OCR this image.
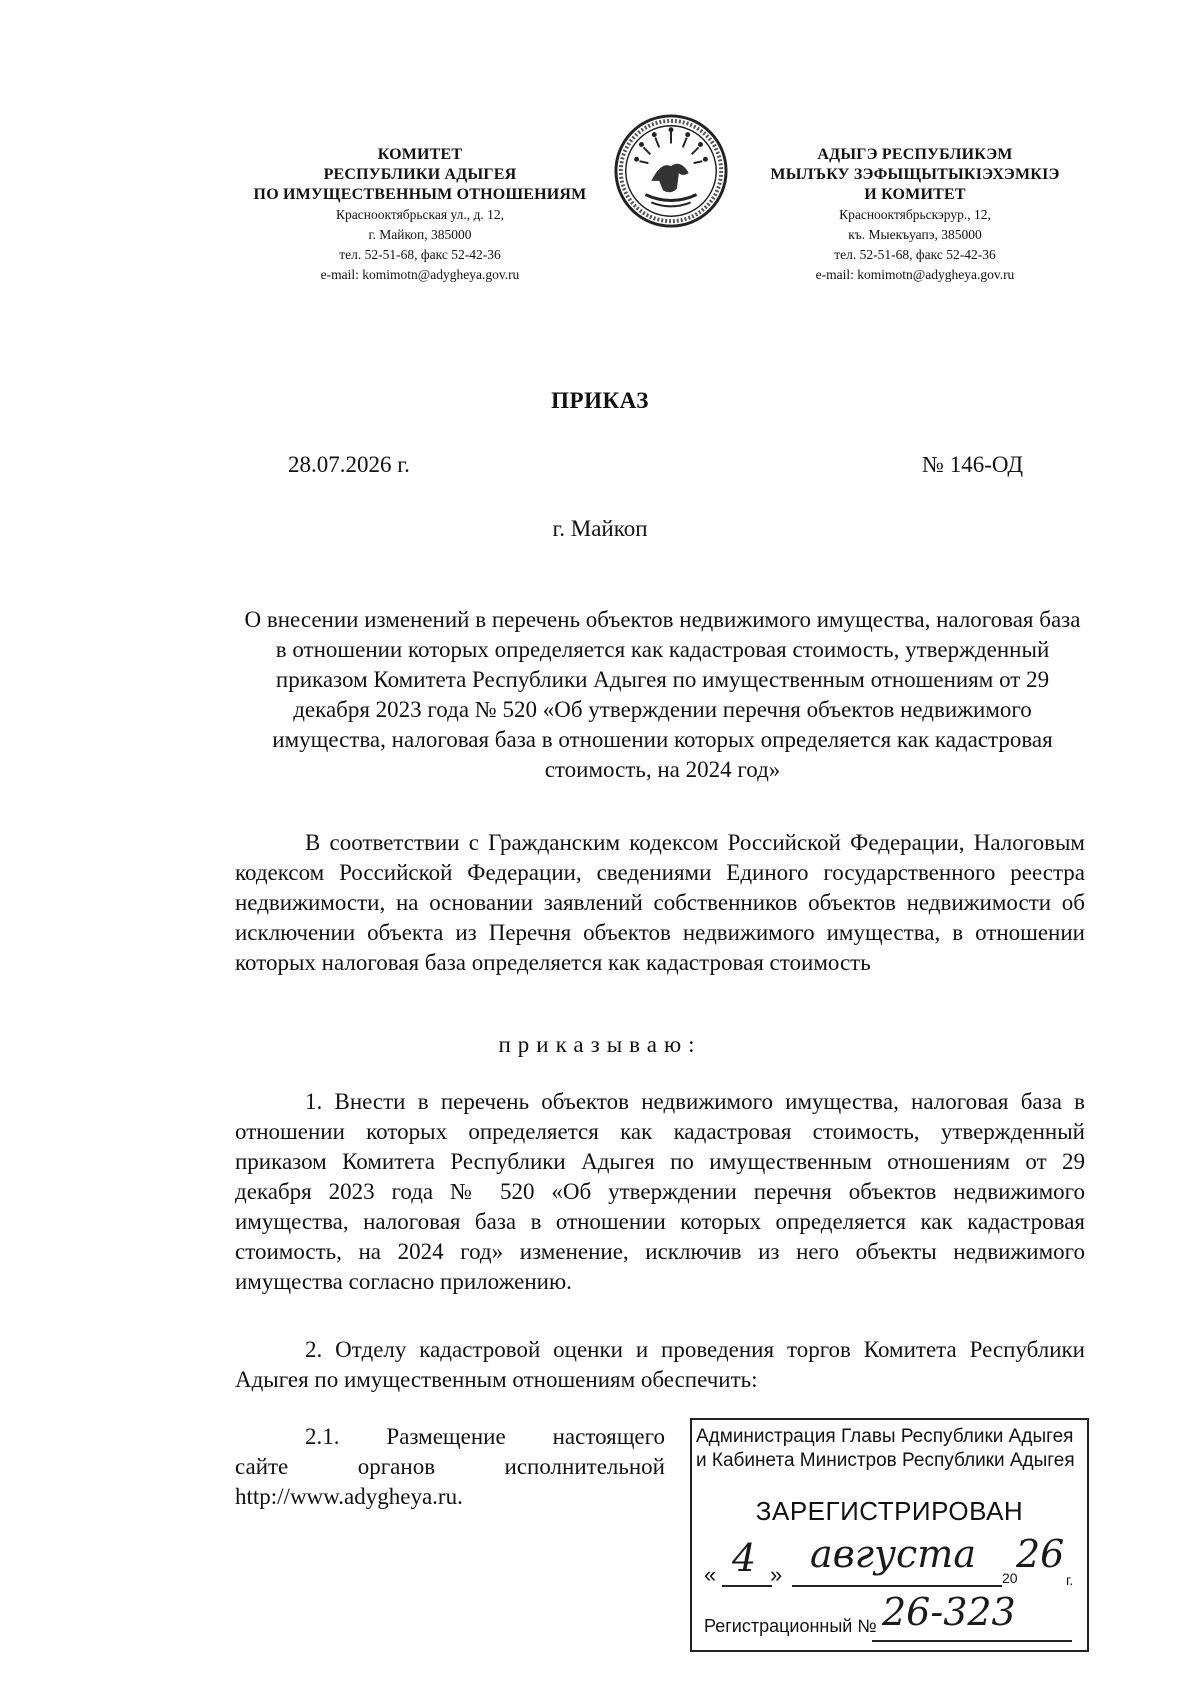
КОМИТЕТ
РЕСПУБЛИКИ АДЫГЕЯ
ПО ИМУЩЕСТВЕННЫМ ОТНОШЕНИЯМ
Краснооктябрьская ул., д. 12,
г. Майкоп, 385000
тел. 52-51-68, факс 52-42-36
e-mail: komimotn@adygheya.gov.ru
АДЫГЭ РЕСПУБЛИКЭМ
МЫЛЪКУ ЗЭФЫЩЫТЫКIЭХЭМКIЭ
И КОМИТЕТ
Краснооктябрьскэрур., 12,
къ. Мыекъуапэ, 385000
тел. 52-51-68, факс 52-42-36
e-mail: komimotn@adygheya.gov.ru
ПРИКАЗ
28.07.2026 г.	№ 146-ОД
г. Майкоп
О внесении изменений в перечень объектов недвижимого имущества, налоговая база в отношении которых определяется как кадастровая стоимость, утвержденный приказом Комитета Республики Адыгея по имущественным отношениям от 29 декабря 2023 года № 520 «Об утверждении перечня объектов недвижимого имущества, налоговая база в отношении которых определяется как кадастровая стоимость, на 2024 год»
В соответствии с Гражданским кодексом Российской Федерации, Налоговым кодексом Российской Федерации, сведениями Единого государственного реестра недвижимости, на основании заявлений собственников объектов недвижимости об исключении объекта из Перечня объектов недвижимого имущества, в отношении которых налоговая база определяется как кадастровая стоимость
приказываю:
1. Внести в перечень объектов недвижимого имущества, налоговая база в отношении которых определяется как кадастровая стоимость, утвержденный приказом Комитета Республики Адыгея по имущественным отношениям от 29 декабря 2023 года № 520 «Об утверждении перечня объектов недвижимого имущества, налоговая база в отношении которых определяется как кадастровая стоимость, на 2024 год» изменение, исключив из него объекты недвижимого имущества согласно приложению.
2. Отделу кадастровой оценки и проведения торгов Комитета Республики Адыгея по имущественным отношениям обеспечить:
2.1. Размещение настоящего
сайте	органов	исполнительной
http://www.adygheya.ru.
Администрация Главы Республики Адыгея
и Кабинета Министров Республики Адыгея
ЗАРЕГИСТРИРОВАН
« 4 » августа
20
26
г.
Регистрационный № 26-323
